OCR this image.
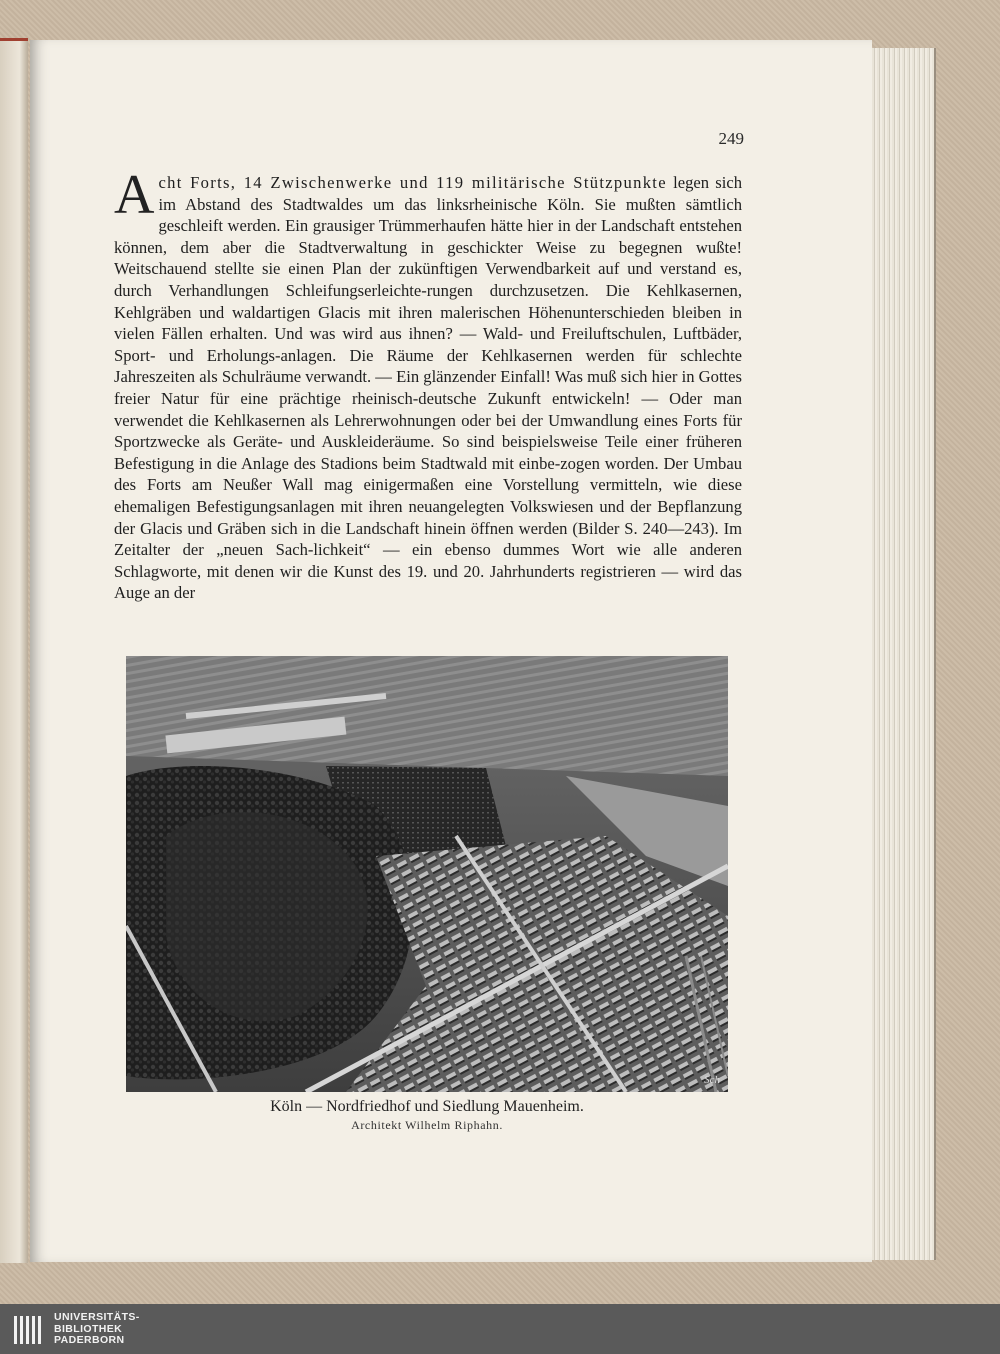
249

Acht Forts, 14 Zwischenwerke und 119 militärische Stützpunkte legen sich im Abstand des Stadtwaldes um das linksrheinische Köln. Sie mußten sämtlich geschleift werden. Ein grausiger Trümmerhaufen hätte hier in der Landschaft entstehen können, dem aber die Stadtverwaltung in geschickter Weise zu begegnen wußte! Weitschauend stellte sie einen Plan der zukünftigen Verwendbarkeit auf und verstand es, durch Verhandlungen Schleifungserleichte-rungen durchzusetzen. Die Kehlkasernen, Kehlgräben und waldartigen Glacis mit ihren malerischen Höhenunterschieden bleiben in vielen Fällen erhalten. Und was wird aus ihnen? — Wald- und Freiluftschulen, Luftbäder, Sport- und Erholungs-anlagen. Die Räume der Kehlkasernen werden für schlechte Jahreszeiten als Schulräume verwandt. — Ein glänzender Einfall! Was muß sich hier in Gottes freier Natur für eine prächtige rheinisch-deutsche Zukunft entwickeln! — Oder man verwendet die Kehlkasernen als Lehrerwohnungen oder bei der Umwandlung eines Forts für Sportzwecke als Geräte- und Auskleideräume. So sind beispielsweise Teile einer früheren Befestigung in die Anlage des Stadions beim Stadtwald mit einbe-zogen worden. Der Umbau des Forts am Neußer Wall mag einigermaßen eine Vorstellung vermitteln, wie diese ehemaligen Befestigungsanlagen mit ihren neuangelegten Volkswiesen und der Bepflanzung der Glacis und Gräben sich in die Landschaft hinein öffnen werden (Bilder S. 240—243). Im Zeitalter der „neuen Sach-lichkeit“ — ein ebenso dummes Wort wie alle anderen Schlagworte, mit denen wir die Kunst des 19. und 20. Jahrhunderts registrieren — wird das Auge an der

Sch
Köln — Nordfriedhof und Siedlung Mauenheim.
Architekt Wilhelm Riphahn.
UNIVERSITÄTS-
BIBLIOTHEK
PADERBORN
